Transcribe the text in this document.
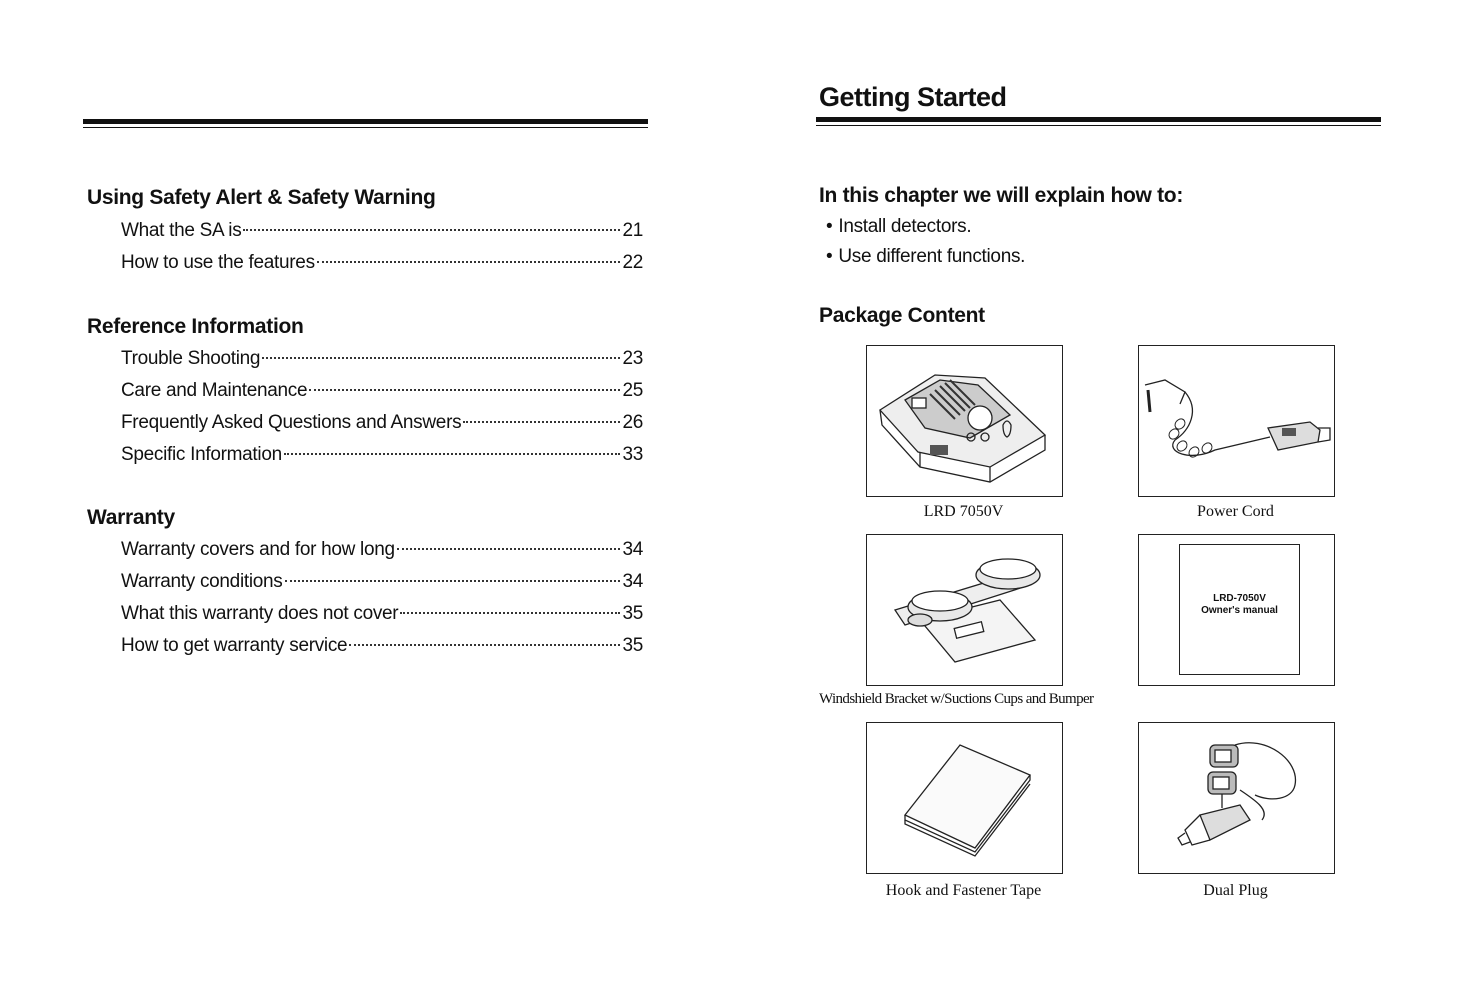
Using Safety Alert & Safety Warning
What the SA is	21
How to use the features	22
Reference Information
Trouble Shooting	23
Care and Maintenance	25
Frequently Asked Questions and Answers	26
Specific Information	33
Warranty
Warranty covers and for how long	34
Warranty conditions	34
What this warranty does not cover	35
How to get warranty service	35
Getting Started
In this chapter we will explain how to:
• Install detectors.
• Use different functions.
Package Content
LRD-7050V
Owner's manual
LRD 7050V	Power Cord
Windshield Bracket w/Suctions Cups and Bumper
Hook and Fastener Tape	Dual Plug
